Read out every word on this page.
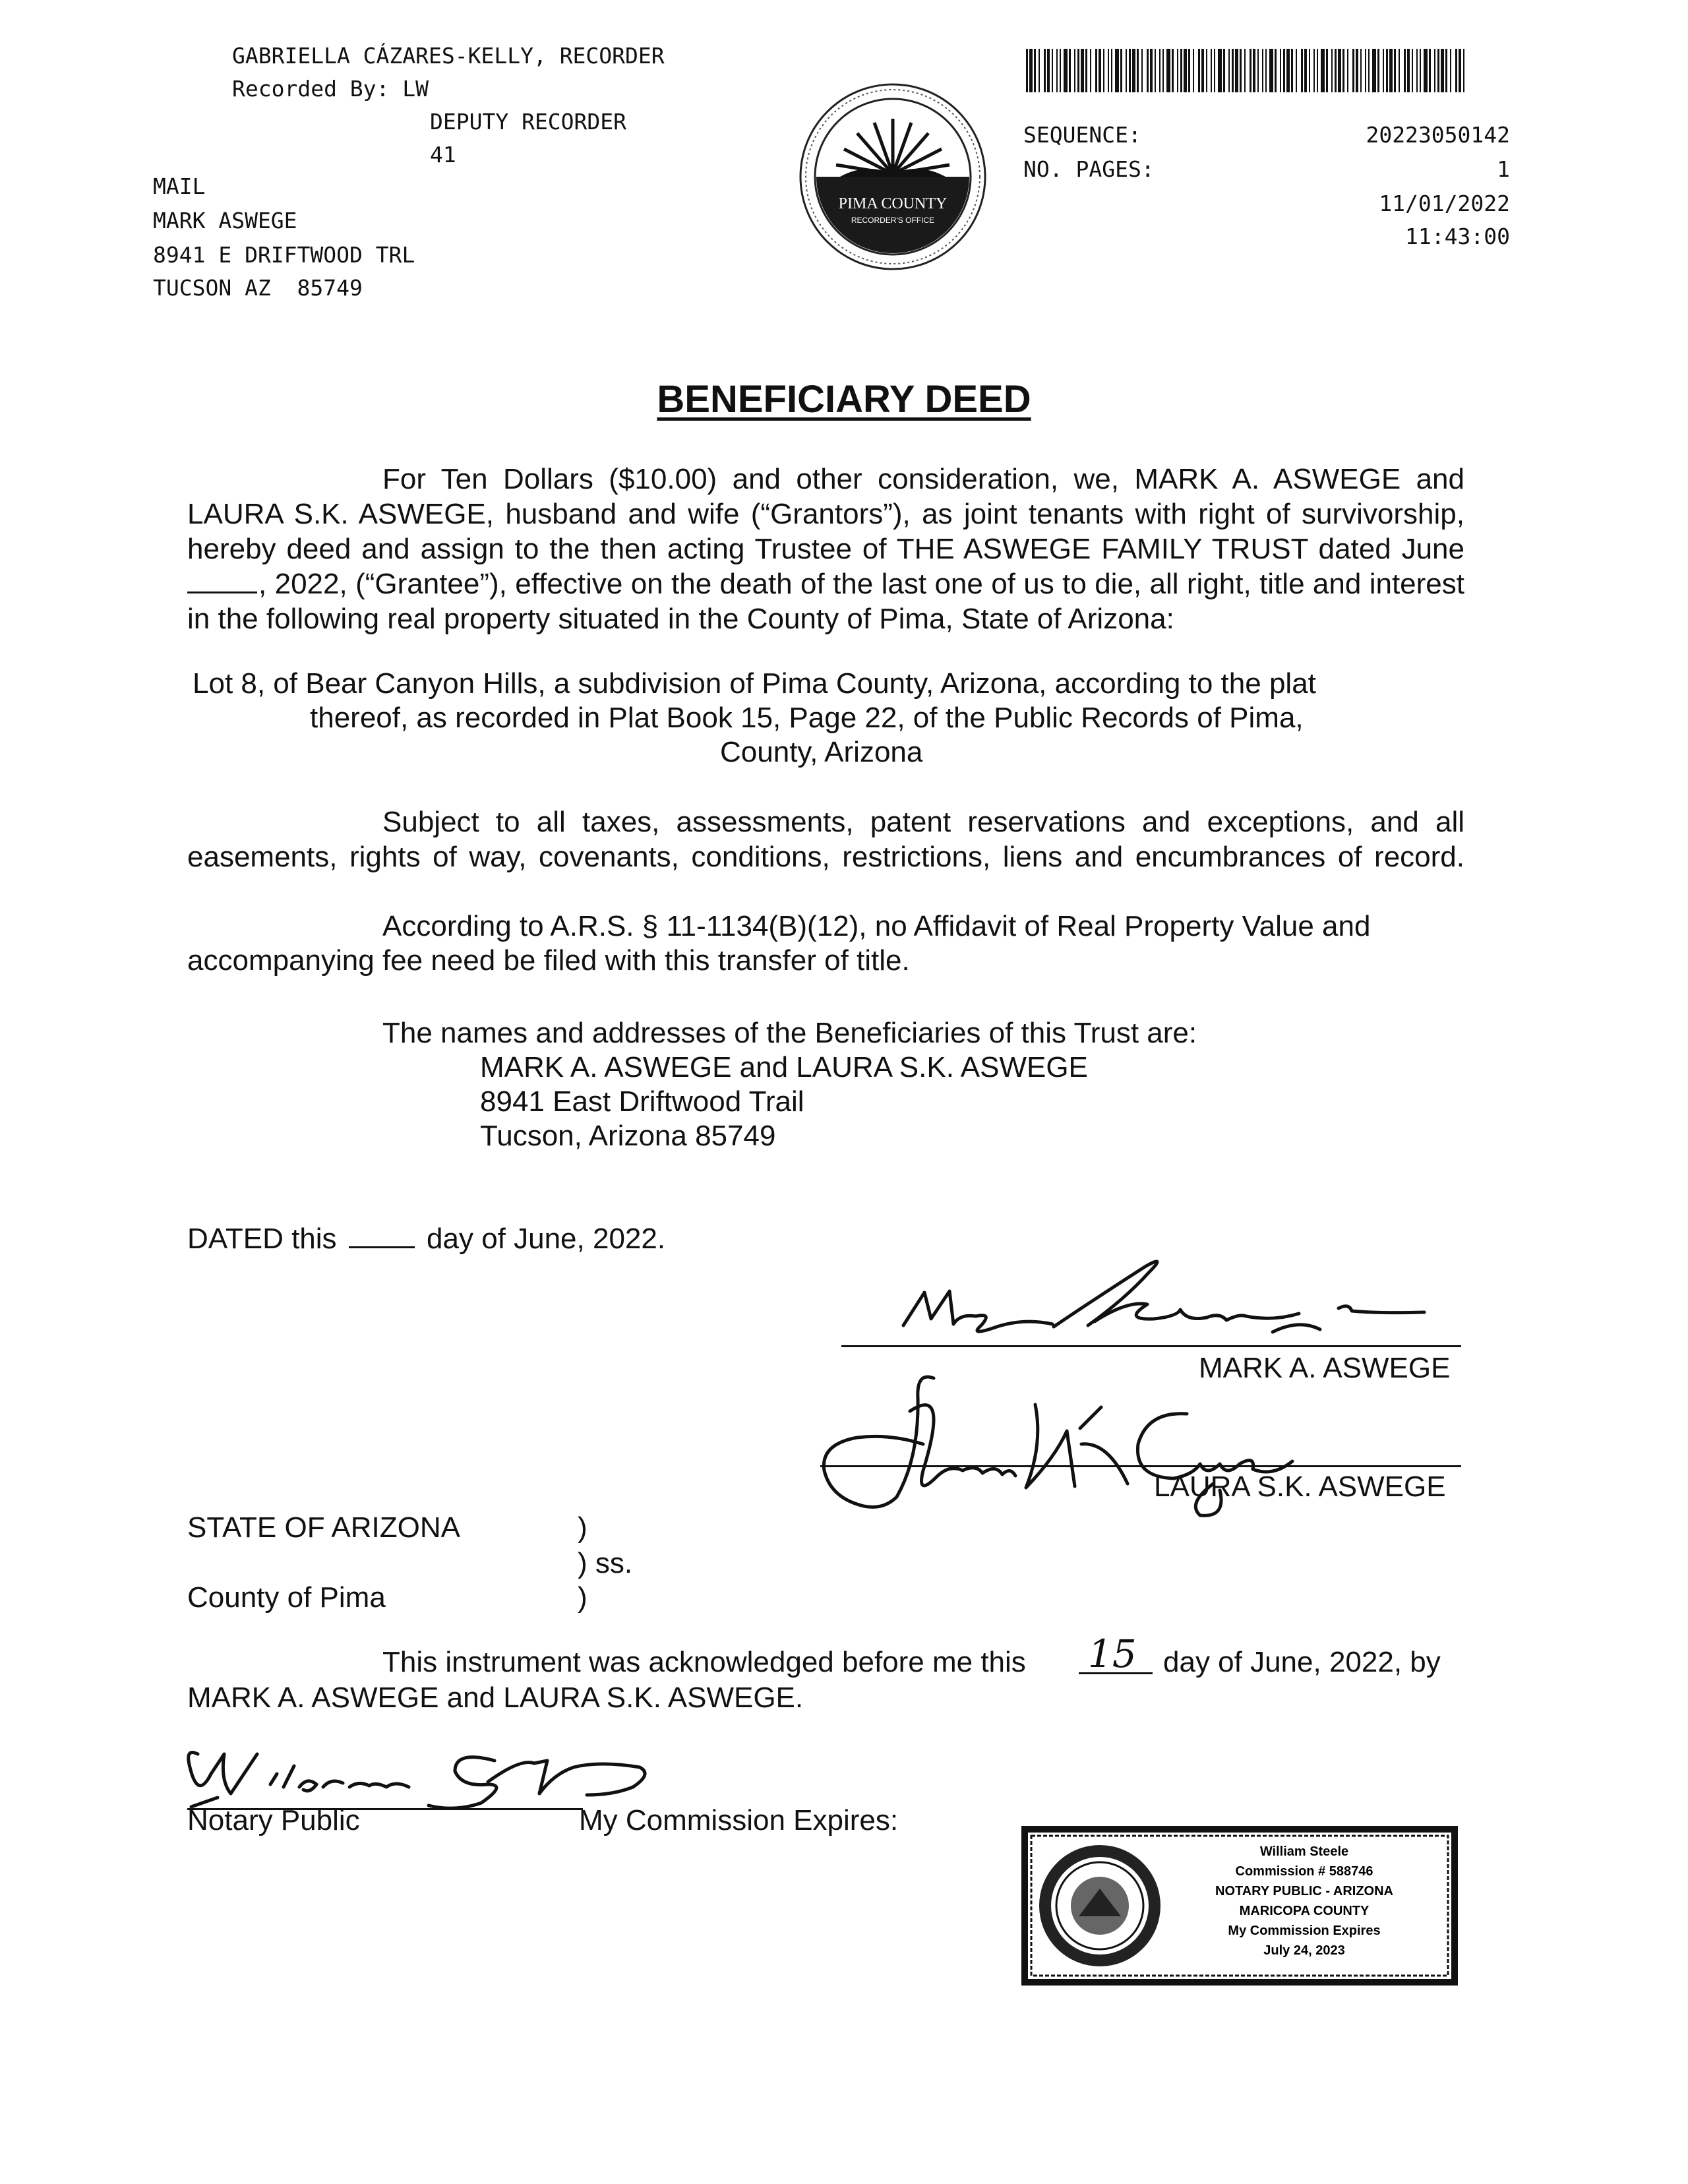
GABRIELLA CÁZARES-KELLY, RECORDER
Recorded By: LW
DEPUTY RECORDER
41
MAIL
MARK ASWEGE
8941 E DRIFTWOOD TRL
TUCSON AZ  85749
PIMA COUNTY
RECORDER'S OFFICE
SEQUENCE:	20223050142
NO. PAGES:	1
11/01/2022
11:43:00
BENEFICIARY DEED
For Ten Dollars ($10.00) and other consideration, we, MARK A. ASWEGE and
LAURA S.K. ASWEGE, husband and wife (“Grantors”), as joint tenants with right of survivorship,
hereby deed and assign to the then acting Trustee of THE ASWEGE FAMILY TRUST dated June
, 2022, (“Grantee”), effective on the death of the last one of us to die, all right, title and interest
in the following real property situated in the County of Pima, State of Arizona:
Lot 8, of Bear Canyon Hills, a subdivision of Pima County, Arizona, according to the plat
thereof, as recorded in Plat Book 15, Page 22, of the Public Records of Pima,
County, Arizona
Subject to all taxes, assessments, patent reservations and exceptions, and all
easements, rights of way, covenants, conditions, restrictions, liens and encumbrances of record.
According to A.R.S. § 11-1134(B)(12), no Affidavit of Real Property Value and
accompanying fee need be filed with this transfer of title.
The names and addresses of the Beneficiaries of this Trust are:
MARK A. ASWEGE and LAURA S.K. ASWEGE
8941 East Driftwood Trail
Tucson, Arizona 85749
DATED this	day of June, 2022.
MARK A. ASWEGE
LAURA S.K. ASWEGE
STATE OF ARIZONA	)
) ss.
County of Pima	)
This instrument was acknowledged before me this 15 day of June, 2022, by
MARK A. ASWEGE and LAURA S.K. ASWEGE.
Notary Public	My Commission Expires:
William Steele
Commission # 588746
NOTARY PUBLIC - ARIZONA
MARICOPA COUNTY
My Commission Expires
July 24, 2023
